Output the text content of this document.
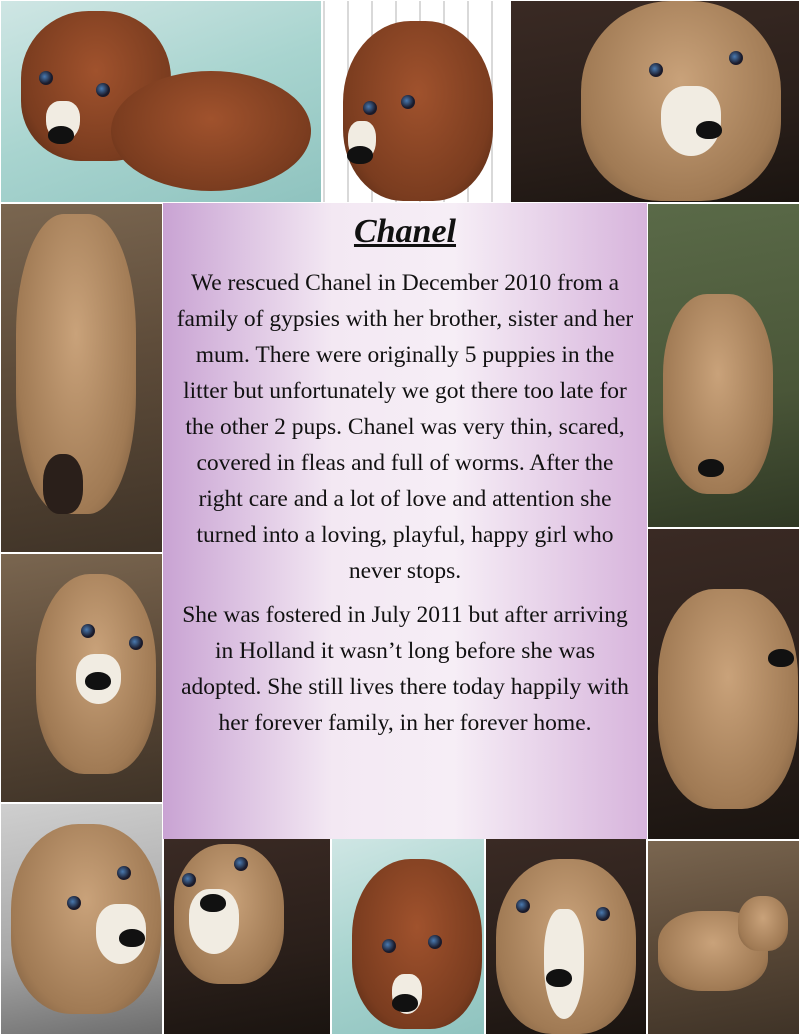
Chanel

We rescued Chanel in December 2010 from a family of gypsies with her brother, sister and her mum. There were originally 5 puppies in the litter but unfortunately we got there too late for the other 2 pups. Chanel was very thin, scared, covered in fleas and full of worms. After the right care and a lot of love and attention she turned into a loving, playful, happy girl who never stops.

She was fostered in July 2011 but after arriving in Holland it wasn’t long before she was adopted. She still lives there today happily with her forever family, in her forever home.
